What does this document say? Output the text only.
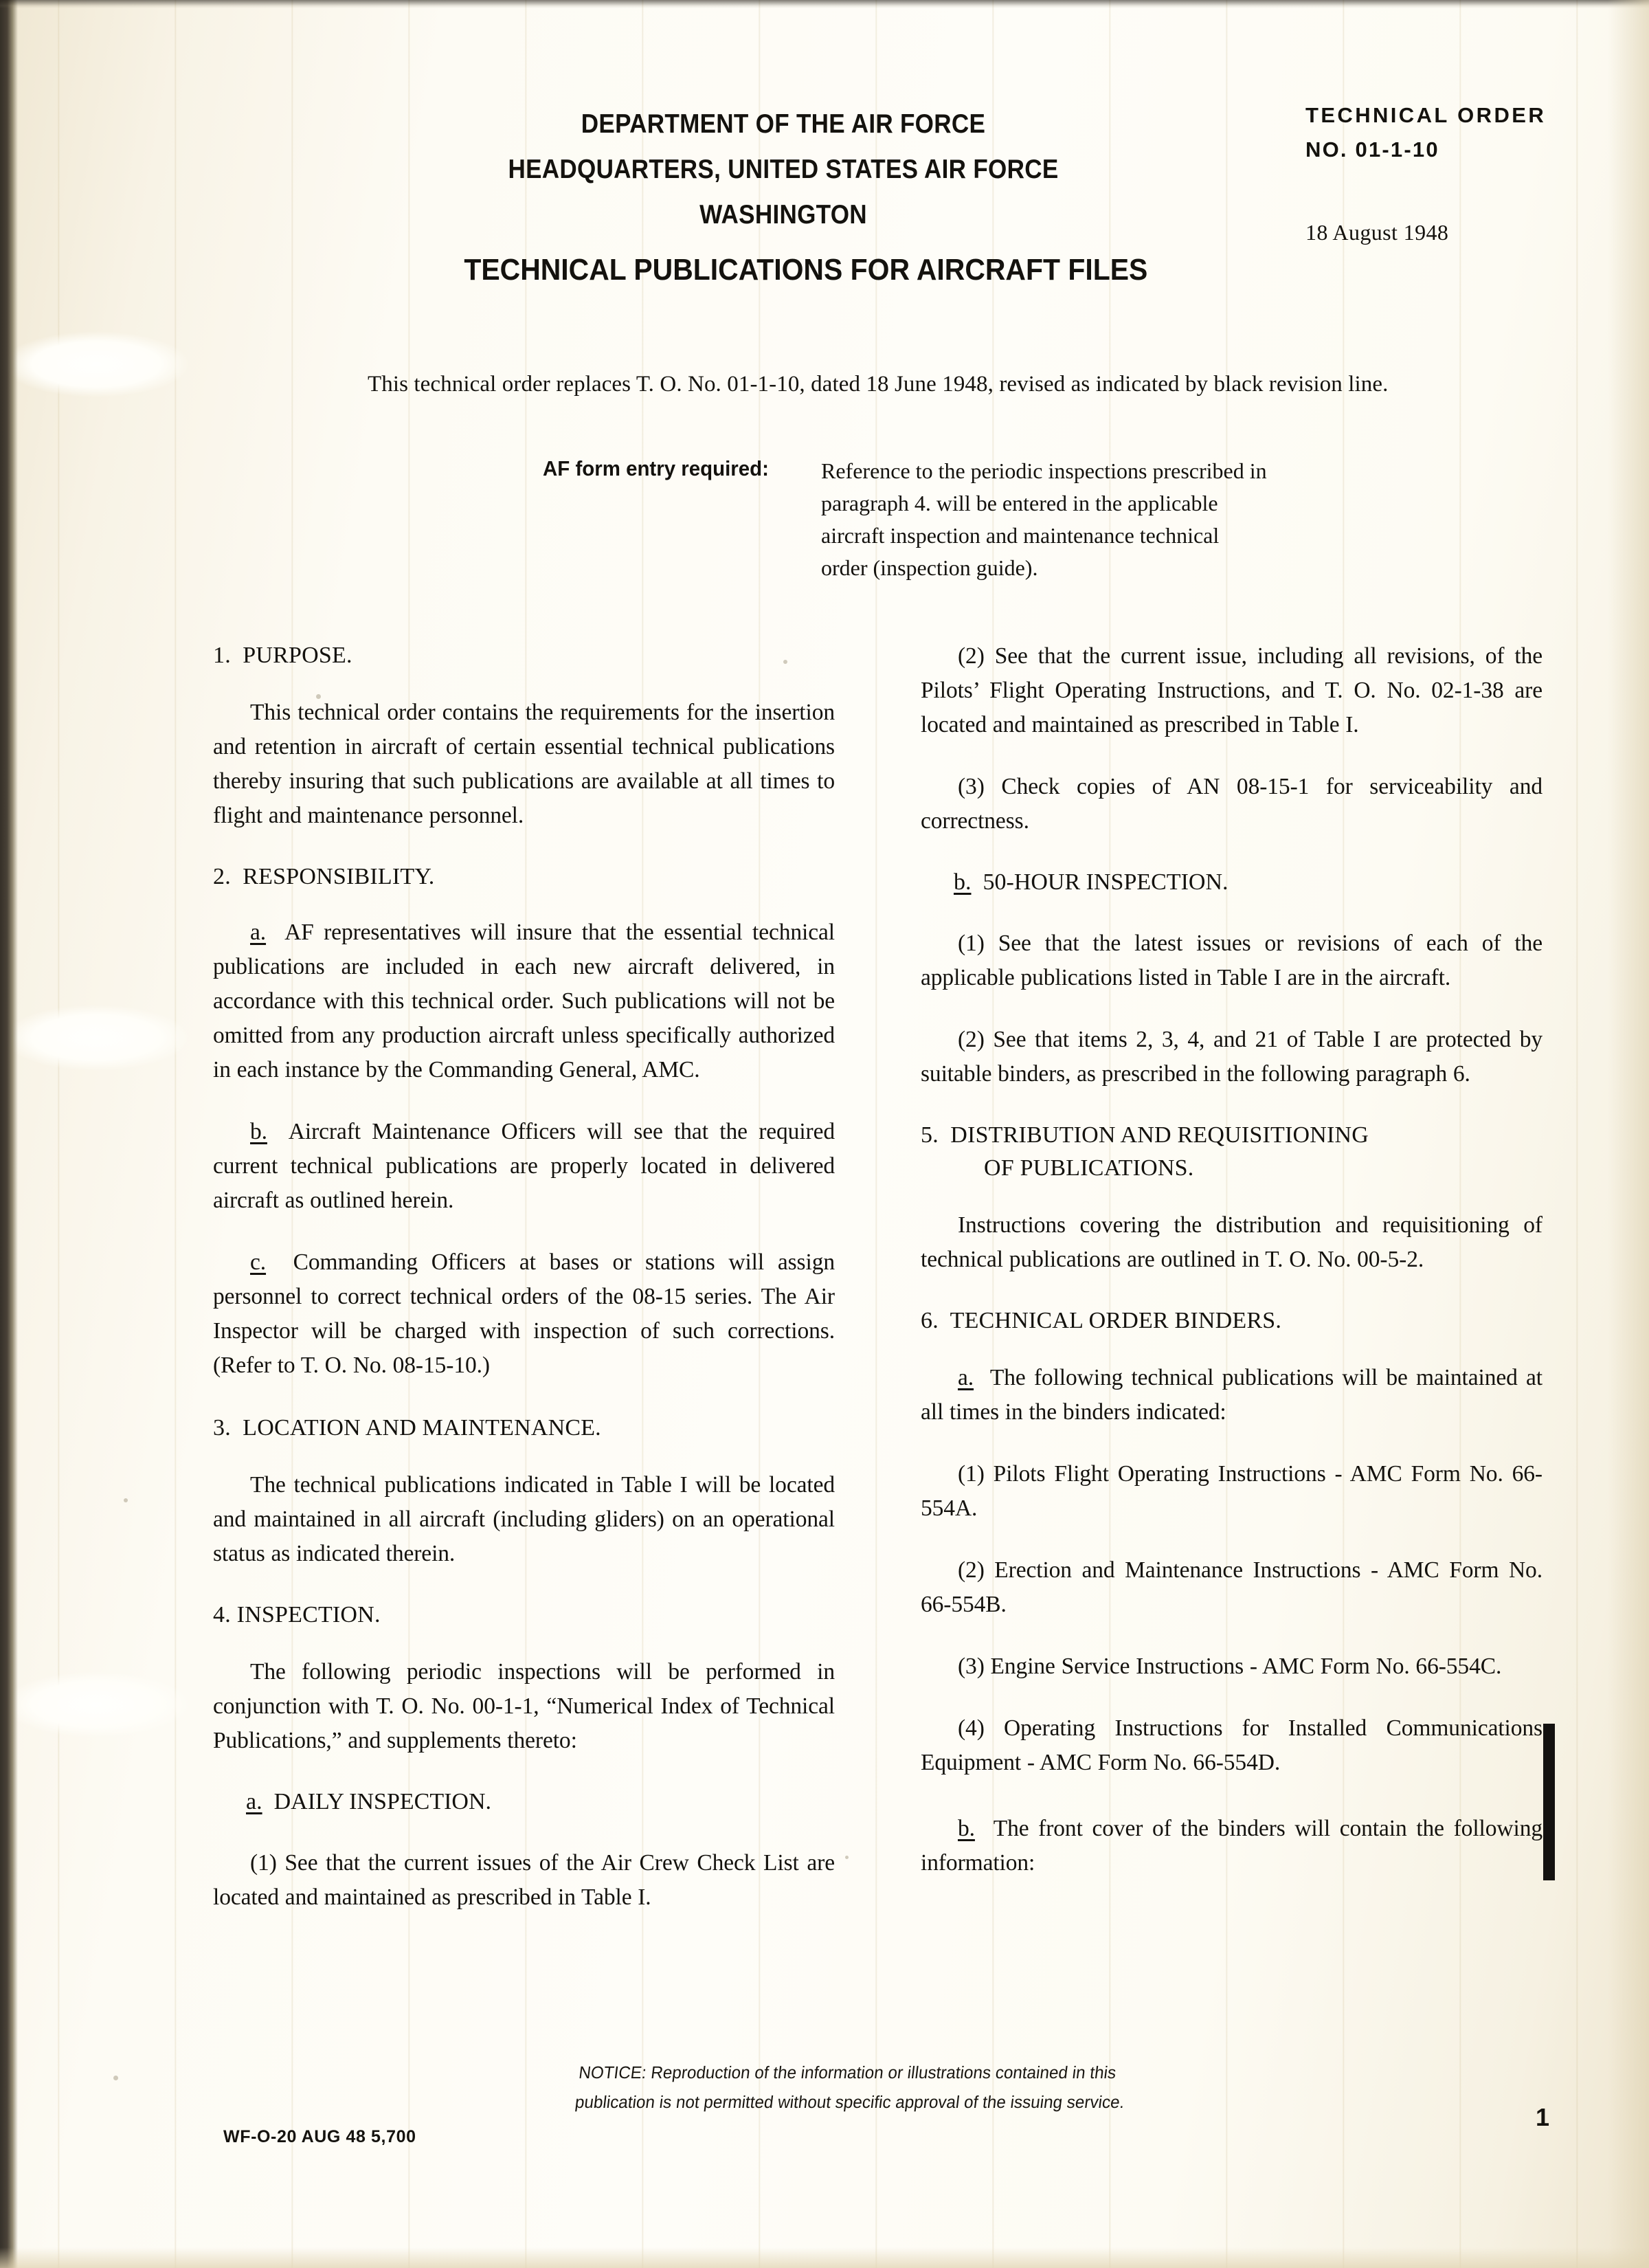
DEPARTMENT OF THE AIR FORCE
HEADQUARTERS, UNITED STATES AIR FORCE
WASHINGTON
TECHNICAL PUBLICATIONS FOR AIRCRAFT FILES
TECHNICAL ORDER
NO. 01-1-10
18 August 1948
This technical order replaces T. O. No. 01-1-10, dated 18 June 1948, revised as indicated by black revision line.
AF form entry required: Reference to the periodic inspections prescribed in paragraph 4. will be entered in the applicable aircraft inspection and maintenance technical order (inspection guide).
1.  PURPOSE.
This technical order contains the requirements for the insertion and retention in aircraft of certain essential technical publications thereby insuring that such publications are available at all times to flight and maintenance personnel.
2.  RESPONSIBILITY.
a. AF representatives will insure that the essential technical publications are included in each new aircraft delivered, in accordance with this technical order. Such publications will not be omitted from any production aircraft unless specifically authorized in each instance by the Commanding General, AMC.
b. Aircraft Maintenance Officers will see that the required current technical publications are properly located in delivered aircraft as outlined herein.
c. Commanding Officers at bases or stations will assign personnel to correct technical orders of the 08-15 series. The Air Inspector will be charged with inspection of such corrections. (Refer to T. O. No. 08-15-10.)
3.  LOCATION AND MAINTENANCE.
The technical publications indicated in Table I will be located and maintained in all aircraft (including gliders) on an operational status as indicated therein.
4. INSPECTION.
The following periodic inspections will be performed in conjunction with T. O. No. 00-1-1, “Numerical Index of Technical Publications,” and supplements thereto:
a. DAILY INSPECTION.
(1) See that the current issues of the Air Crew Check List are located and maintained as prescribed in Table I.
(2) See that the current issue, including all revisions, of the Pilots’ Flight Operating Instructions, and T. O. No. 02-1-38 are located and maintained as prescribed in Table I.
(3) Check copies of AN 08-15-1 for serviceability and correctness.
b. 50-HOUR INSPECTION.
(1) See that the latest issues or revisions of each of the applicable publications listed in Table I are in the aircraft.
(2) See that items 2, 3, 4, and 21 of Table I are protected by suitable binders, as prescribed in the following paragraph 6.
5.  DISTRIBUTION AND REQUISITIONING
OF PUBLICATIONS.
Instructions covering the distribution and requisitioning of technical publications are outlined in T. O. No. 00-5-2.
6.  TECHNICAL ORDER BINDERS.
a. The following technical publications will be maintained at all times in the binders indicated:
(1) Pilots Flight Operating Instructions - AMC Form No. 66-554A.
(2) Erection and Maintenance Instructions - AMC Form No. 66-554B.
(3) Engine Service Instructions - AMC Form No. 66-554C.
(4) Operating Instructions for Installed Communications Equipment - AMC Form No. 66-554D.
b. The front cover of the binders will contain the following information:
NOTICE: Reproduction of the information or illustrations contained in this publication is not permitted without specific approval of the issuing service.
WF-O-20 AUG 48 5,700
1
